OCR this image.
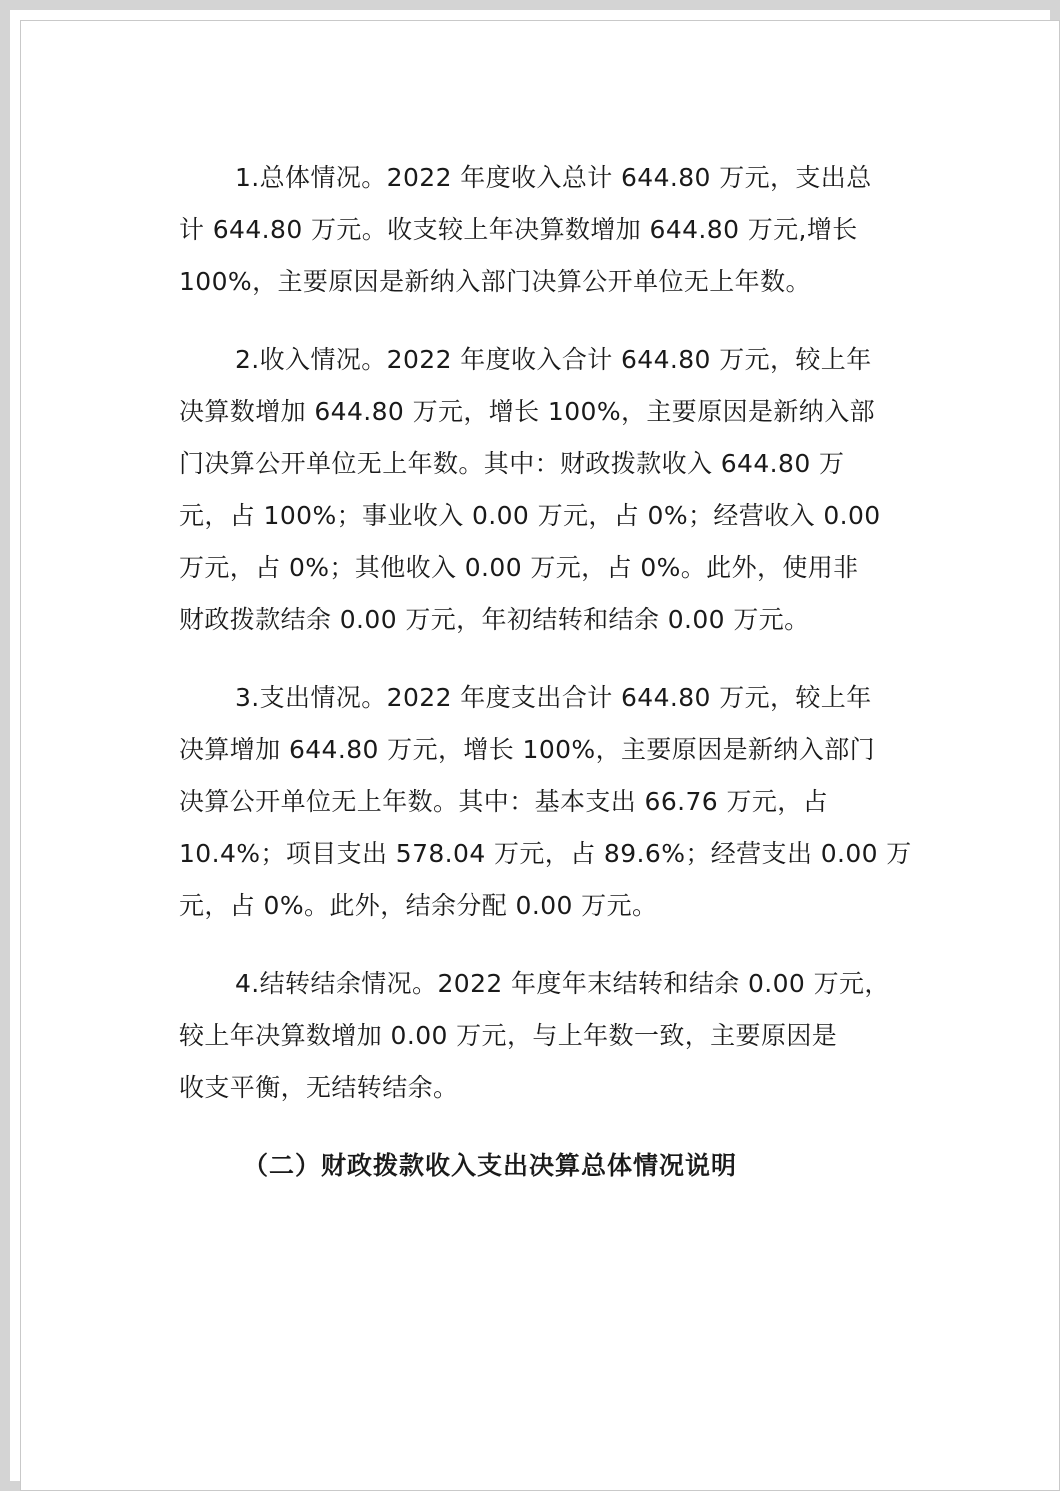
1.总体情况。2022 年度收入总计 644.80 万元，支出总

计 644.80 万元。收支较上年决算数增加 644.80 万元,增长

100%，主要原因是新纳入部门决算公开单位无上年数。

2.收入情况。2022 年度收入合计 644.80 万元，较上年

决算数增加 644.80 万元，增长 100%，主要原因是新纳入部

门决算公开单位无上年数。其中：财政拨款收入 644.80 万

元，占 100%；事业收入 0.00 万元，占 0%；经营收入 0.00

万元，占 0%；其他收入 0.00 万元，占 0%。此外，使用非

财政拨款结余 0.00 万元，年初结转和结余 0.00 万元。

3.支出情况。2022 年度支出合计 644.80 万元，较上年

决算增加 644.80 万元，增长 100%，主要原因是新纳入部门

决算公开单位无上年数。其中：基本支出 66.76 万元，占

10.4%；项目支出 578.04 万元，占 89.6%；经营支出 0.00 万

元，占 0%。此外，结余分配 0.00 万元。

4.结转结余情况。2022 年度年末结转和结余 0.00 万元，

较上年决算数增加 0.00 万元，与上年数一致，主要原因是

收支平衡，无结转结余。

（二）财政拨款收入支出决算总体情况说明
